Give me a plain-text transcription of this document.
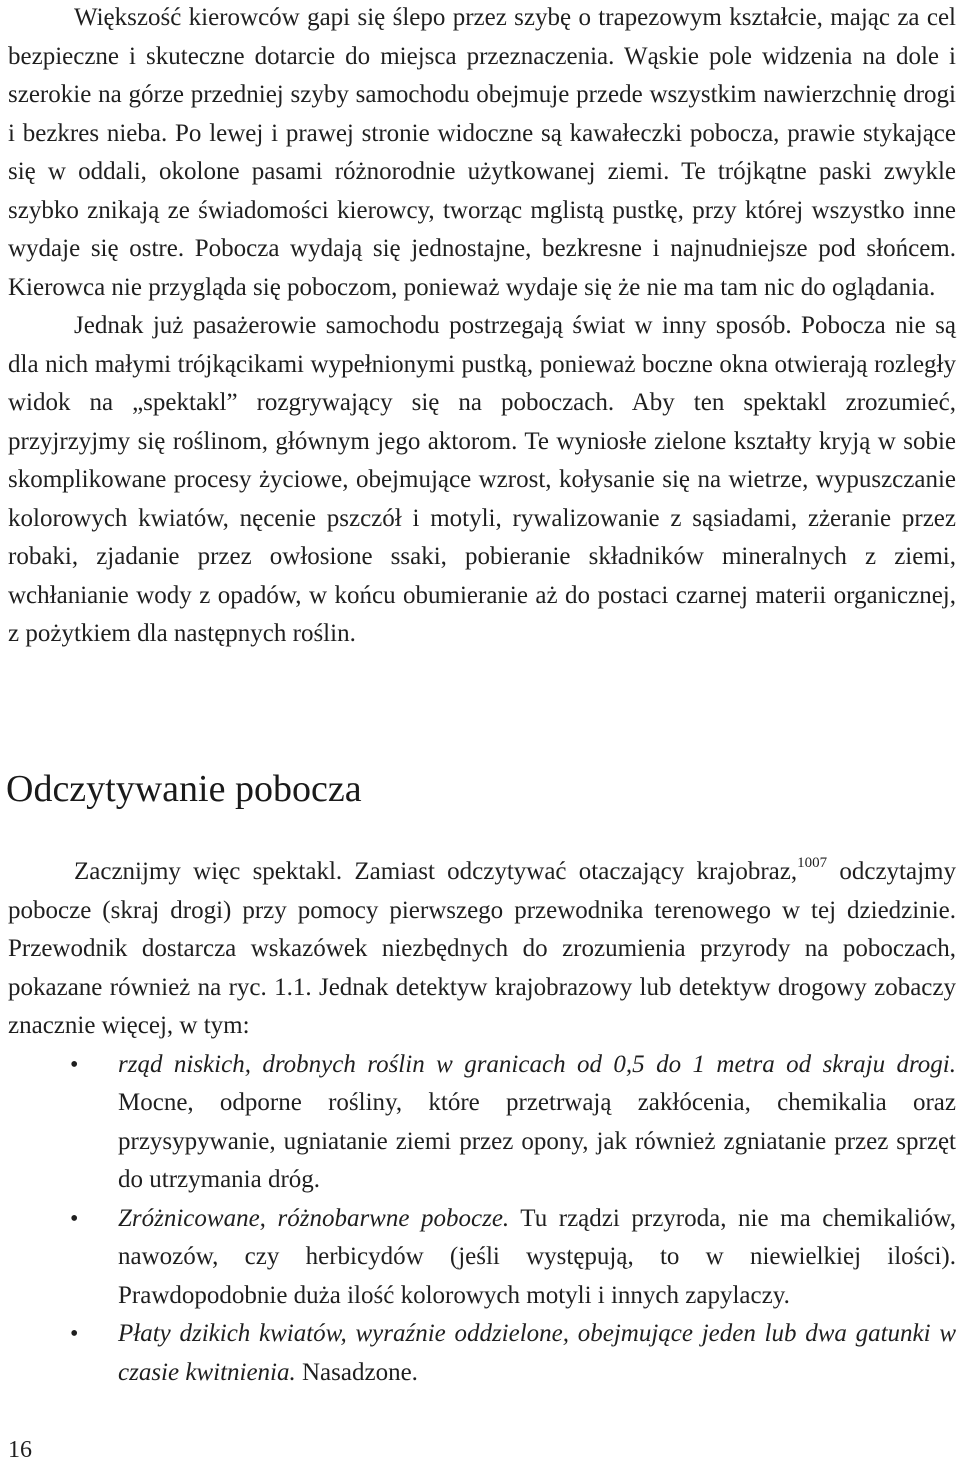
Większość kierowców gapi się ślepo przez szybę o trapezowym kształcie, mając za cel bezpieczne i skuteczne dotarcie do miejsca przeznaczenia. Wąskie pole widzenia na dole i szerokie na górze przedniej szyby samochodu obejmuje przede wszystkim nawierzchnię drogi i bezkres nieba. Po lewej i prawej stronie widoczne są kawałeczki pobocza, prawie stykające się w oddali, okolone pasami różnorodnie użytkowanej ziemi. Te trójkątne paski zwykle szybko znikają ze świadomości kierowcy, tworząc mglistą pustkę, przy której wszystko inne wydaje się ostre. Pobocza wydają się jednostajne, bezkresne i najnudniejsze pod słońcem. Kierowca nie przygląda się poboczom, ponieważ wydaje się że nie ma tam nic do oglądania.

Jednak już pasażerowie samochodu postrzegają świat w inny sposób. Pobocza nie są dla nich małymi trójkącikami wypełnionymi pustką, ponieważ boczne okna otwierają rozległy widok na „spektakl” rozgrywający się na poboczach. Aby ten spektakl zrozumieć, przyjrzyjmy się roślinom, głównym jego aktorom. Te wyniosłe zielone kształty kryją w sobie skomplikowane procesy życiowe, obejmujące wzrost, kołysanie się na wietrze, wypuszczanie kolorowych kwiatów, nęcenie pszczół i motyli, rywalizowanie z sąsiadami, zżeranie przez robaki, zjadanie przez owłosione ssaki, pobieranie składników mineralnych z ziemi, wchłanianie wody z opadów, w końcu obumieranie aż do postaci czarnej materii organicznej, z pożytkiem dla następnych roślin.

Odczytywanie pobocza

Zacznijmy więc spektakl. Zamiast odczytywać otaczający krajobraz,$^{1007}$ odczytajmy pobocze (skraj drogi) przy pomocy pierwszego przewodnika terenowego w tej dziedzinie. Przewodnik dostarcza wskazówek niezbędnych do zrozumienia przyrody na poboczach, pokazane również na ryc. 1.1. Jednak detektyw krajobrazowy lub detektyw drogowy zobaczy znacznie więcej, w tym:

• rząd niskich, drobnych roślin w granicach od 0,5 do 1 metra od skraju drogi. Mocne, odporne rośliny, które przetrwają zakłócenia, chemikalia oraz przysypywanie, ugniatanie ziemi przez opony, jak również zgniatanie przez sprzęt do utrzymania dróg.
• Zróżnicowane, różnobarwne pobocze. Tu rządzi przyroda, nie ma chemikaliów, nawozów, czy herbicydów (jeśli występują, to w niewielkiej ilości). Prawdopodobnie duża ilość kolorowych motyli i innych zapylaczy.
• Płaty dzikich kwiatów, wyraźnie oddzielone, obejmujące jeden lub dwa gatunki w czasie kwitnienia. Nasadzone.
16
